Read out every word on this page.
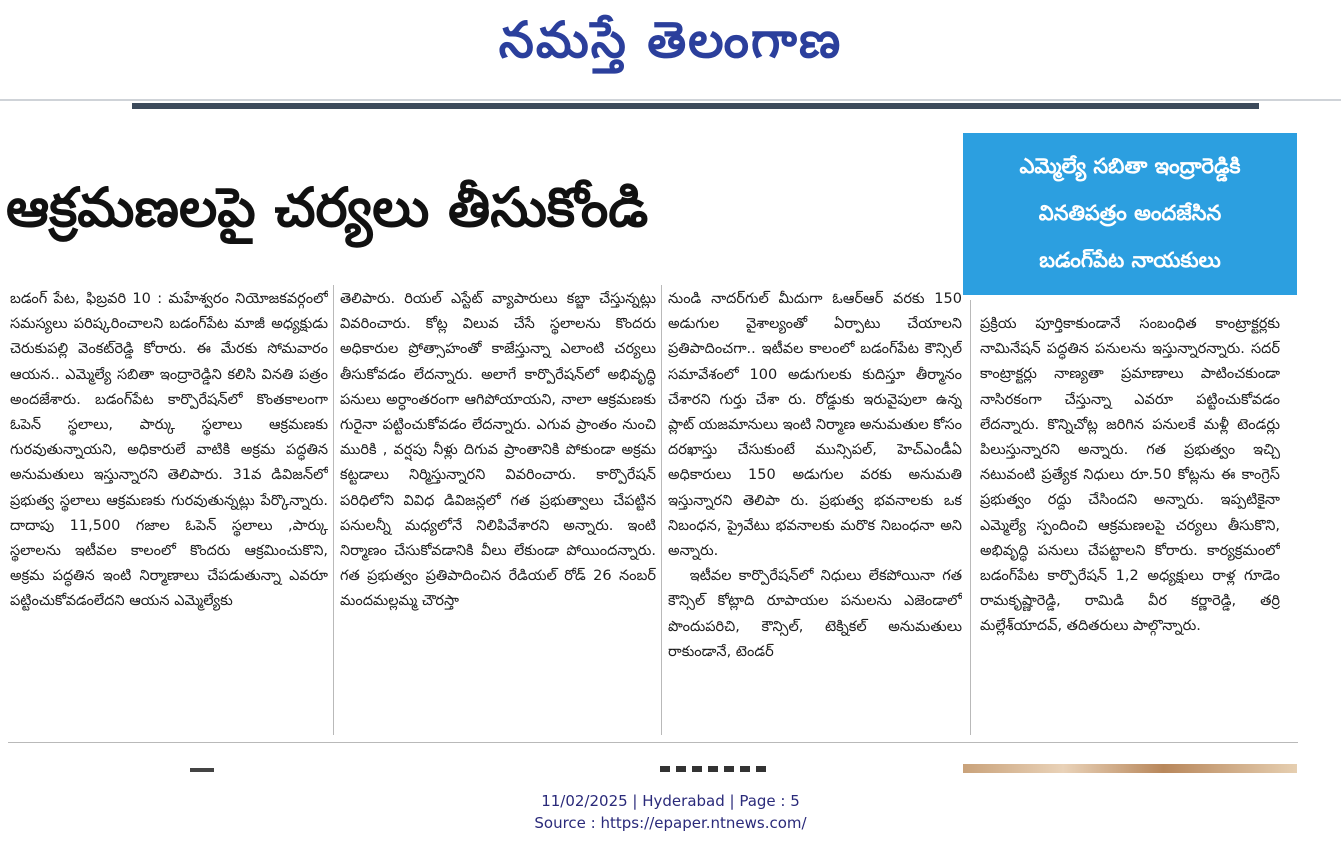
నమస్తే తెలంగాణ
ఆక్రమణలపై చర్యలు తీసుకోండి
ఎమ్మెల్యే సబితా ఇంద్రారెడ్డికి
వినతిపత్రం అందజేసిన
బడంగ్‌పేట నాయకులు

బడంగ్ పేట, ఫిబ్రవరి 10 : మహేశ్వరం నియోజకవర్గంలో సమస్యలు పరిష్కరించాలని బడంగ్‌పేట మాజీ అధ్యక్షుడు చెరుకుపల్లి వెంకట్‌రెడ్డి కోరారు. ఈ మేరకు సోమవారం ఆయన.. ఎమ్మెల్యే సబితా ఇంద్రారెడ్డిని కలిసి వినతి పత్రం అందజేశారు. బడంగ్‌పేట కార్పొరేషన్‌లో కొంతకాలంగా ఓపెన్ స్థలాలు, పార్కు స్థలాలు ఆక్రమణకు గురవుతున్నాయని, అధికారులే వాటికి అక్రమ పద్ధతిన అనుమతులు ఇస్తున్నారని తెలిపారు. 31వ డివిజన్‌లో ప్రభుత్వ స్థలాలు ఆక్రమణకు గురవుతున్నట్లు పేర్కొన్నారు. దాదాపు 11,500 గజాల ఓపెన్ స్థలాలు ,పార్కు స్థలాలను ఇటీవల కాలంలో కొందరు ఆక్రమించుకొని, అక్రమ పద్ధతిన ఇంటి నిర్మాణాలు చేపడుతున్నా ఎవరూ పట్టించుకోవడంలేదని ఆయన ఎమ్మెల్యేకు

తెలిపారు. రియల్ ఎస్టేట్ వ్యాపారులు కబ్జా చేస్తున్నట్లు వివరించారు. కోట్ల విలువ చేసే స్థలాలను కొందరు అధికారుల ప్రోత్సాహంతో కాజేస్తున్నా ఎలాంటి చర్యలు తీసుకోవడం లేదన్నారు. అలాగే కార్పొరేషన్‌లో అభివృద్ధి పనులు అర్ధాంతరంగా ఆగిపోయాయని, నాలా ఆక్రమణకు గురైనా పట్టించుకోవడం లేదన్నారు. ఎగువ ప్రాంతం నుంచి మురికి , వర్షపు నీళ్లు దిగువ ప్రాంతానికి పోకుండా అక్రమ కట్టడాలు నిర్మిస్తున్నారని వివరించారు. కార్పొరేషన్ పరిధిలోని వివిధ డివిజన్లలో గత ప్రభుత్వాలు చేపట్టిన పనులన్నీ మధ్యలోనే నిలిపివేశారని అన్నారు. ఇంటి నిర్మాణం చేసుకోవడానికి వీలు లేకుండా పోయిందన్నారు. గత ప్రభుత్వం ప్రతిపాదించిన రేడియల్ రోడ్ 26 నంబర్ మందమల్లమ్మ చౌరస్తా

నుండి నాదర్‌గుల్ మీదుగా ఓఆర్ఆర్ వరకు 150 అడుగుల వైశాల్యంతో ఏర్పాటు చేయాలని ప్రతిపాదించగా.. ఇటీవల కాలంలో బడంగ్‌పేట కౌన్సిల్ సమావేశంలో 100 అడుగులకు కుదిస్తూ తీర్మానం చేశారని గుర్తు చేశా రు. రోడ్డుకు ఇరువైపులా ఉన్న ప్లాట్ యజమానులు ఇంటి నిర్మాణ అనుమతుల కోసం దరఖాస్తు చేసుకుంటే మున్సిపల్, హెచ్ఎండీఏ అధికారులు 150 అడుగుల వరకు అనుమతి ఇస్తున్నారని తెలిపా రు. ప్రభుత్వ భవనాలకు ఒక నిబంధన, ప్రైవేటు భవనాలకు మరొక నిబంధనా అని అన్నారు.

ఇటీవల కార్పొరేషన్‌లో నిధులు లేకపోయినా గత కౌన్సిల్ కోట్లాది రూపాయల పనులను ఎజెండాలో పొందుపరిచి, కౌన్సిల్, టెక్నికల్ అనుమతులు రాకుండానే, టెండర్

ప్రక్రియ పూర్తికాకుండానే సంబంధిత కాంట్రాక్టర్లకు నామినేషన్ పద్ధతిన పనులను ఇస్తున్నారన్నారు. సదర్ కాంట్రాక్టర్లు నాణ్యతా ప్రమాణాలు పాటించకుండా నాసిరకంగా చేస్తున్నా ఎవరూ పట్టించుకోవడం లేదన్నారు. కొన్నిచోట్ల జరిగిన పనులకే మళ్లీ టెండర్లు పిలుస్తున్నారని అన్నారు. గత ప్రభుత్వం ఇచ్చి నటువంటి ప్రత్యేక నిధులు రూ.50 కోట్లను ఈ కాంగ్రెస్ ప్రభుత్వం రద్దు చేసిందని అన్నారు. ఇప్పటికైనా ఎమ్మెల్యే స్పందించి ఆక్రమణలపై చర్యలు తీసుకొని, అభివృద్ధి పనులు చేపట్టాలని కోరారు. కార్యక్రమంలో బడంగ్‌పేట కార్పొరేషన్ 1,2 అధ్యక్షులు రాళ్ల గూడెం రామకృష్ణారెడ్డి, రామిడి వీర కర్ణారెడ్డి, తర్రి మల్లేశ్‌యాదవ్, తదితరులు పాల్గొన్నారు.

11/02/2025 | Hyderabad | Page : 5
Source : https://epaper.ntnews.com/
